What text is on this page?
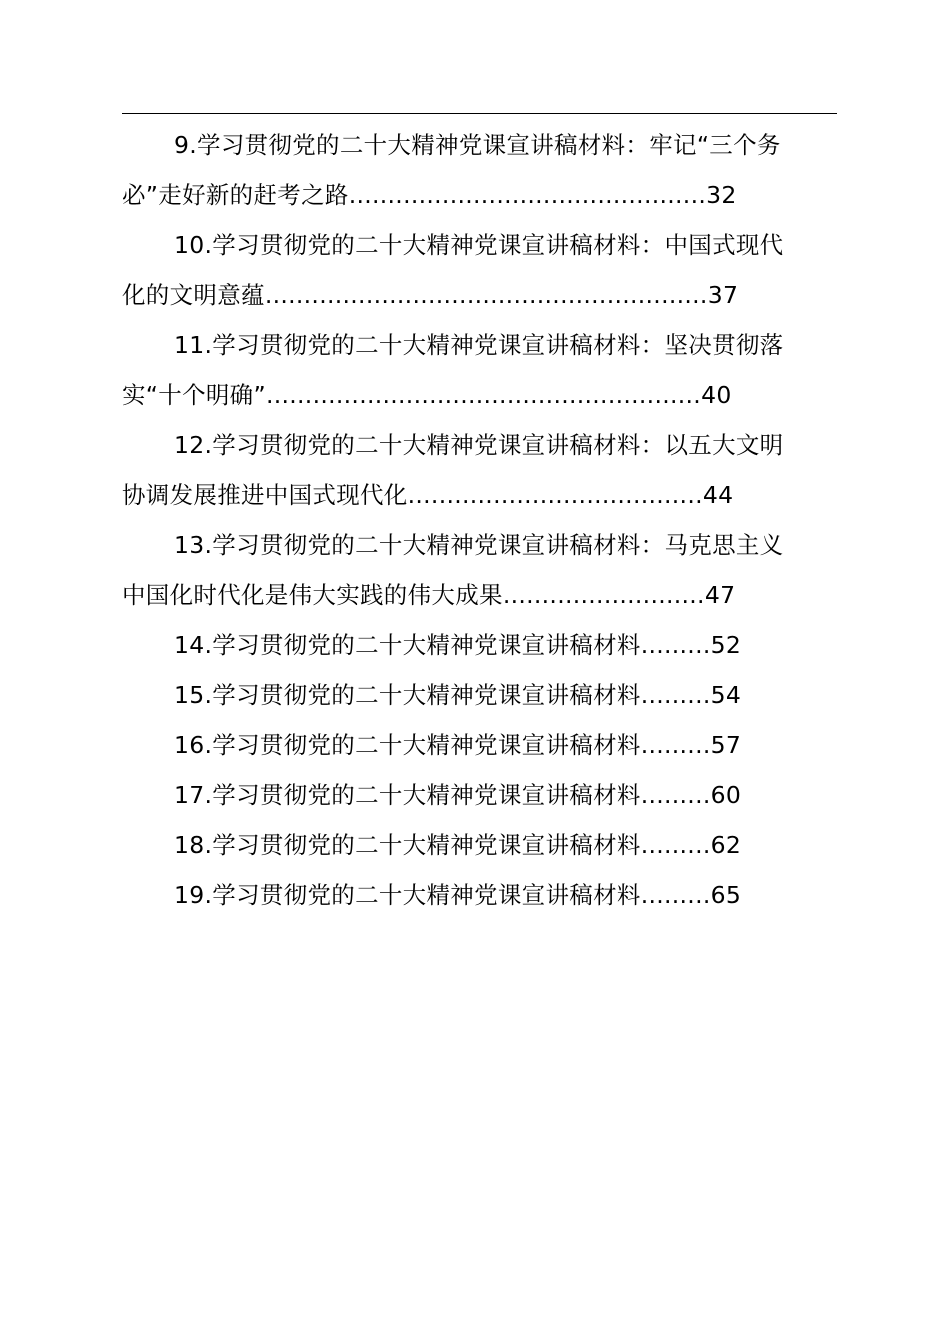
9.学习贯彻党的二十大精神党课宣讲稿材料：牢记“三个务
必”走好新的赶考之路..............................................32
10.学习贯彻党的二十大精神党课宣讲稿材料：中国式现代
化的文明意蕴.........................................................37
11.学习贯彻党的二十大精神党课宣讲稿材料：坚决贯彻落
实“十个明确”........................................................40
12.学习贯彻党的二十大精神党课宣讲稿材料：以五大文明
协调发展推进中国式现代化......................................44
13.学习贯彻党的二十大精神党课宣讲稿材料：马克思主义
中国化时代化是伟大实践的伟大成果..........................47
14.学习贯彻党的二十大精神党课宣讲稿材料.........52
15.学习贯彻党的二十大精神党课宣讲稿材料.........54
16.学习贯彻党的二十大精神党课宣讲稿材料.........57
17.学习贯彻党的二十大精神党课宣讲稿材料.........60
18.学习贯彻党的二十大精神党课宣讲稿材料.........62
19.学习贯彻党的二十大精神党课宣讲稿材料.........65
